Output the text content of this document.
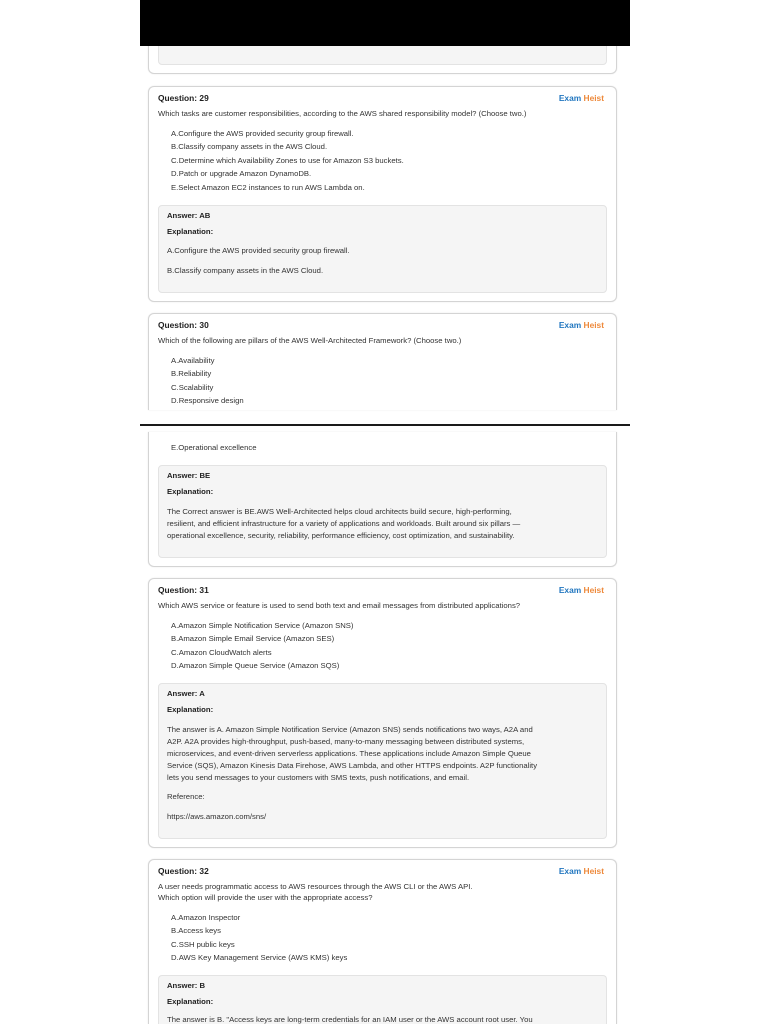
Question: 29	Exam Heist
Which tasks are customer responsibilities, according to the AWS shared responsibility model? (Choose two.)
A.Configure the AWS provided security group firewall.
B.Classify company assets in the AWS Cloud.
C.Determine which Availability Zones to use for Amazon S3 buckets.
D.Patch or upgrade Amazon DynamoDB.
E.Select Amazon EC2 instances to run AWS Lambda on.
Answer: AB
Explanation:
A.Configure the AWS provided security group firewall.
B.Classify company assets in the AWS Cloud.
Question: 30	Exam Heist
Which of the following are pillars of the AWS Well-Architected Framework? (Choose two.)
A.Availability
B.Reliability
C.Scalability
D.Responsive design
E.Operational excellence
Answer: BE
Explanation:
The Correct answer is BE.AWS Well-Architected helps cloud architects build secure, high-performing,
resilient, and efficient infrastructure for a variety of applications and workloads. Built around six pillars —
operational excellence, security, reliability, performance efficiency, cost optimization, and sustainability.
Question: 31	Exam Heist
Which AWS service or feature is used to send both text and email messages from distributed applications?
A.Amazon Simple Notification Service (Amazon SNS)
B.Amazon Simple Email Service (Amazon SES)
C.Amazon CloudWatch alerts
D.Amazon Simple Queue Service (Amazon SQS)
Answer: A
Explanation:
The answer is A. Amazon Simple Notification Service (Amazon SNS) sends notifications two ways, A2A and
A2P. A2A provides high-throughput, push-based, many-to-many messaging between distributed systems,
microservices, and event-driven serverless applications. These applications include Amazon Simple Queue
Service (SQS), Amazon Kinesis Data Firehose, AWS Lambda, and other HTTPS endpoints. A2P functionality
lets you send messages to your customers with SMS texts, push notifications, and email.
Reference:
https://aws.amazon.com/sns/
Question: 32	Exam Heist
A user needs programmatic access to AWS resources through the AWS CLI or the AWS API.
Which option will provide the user with the appropriate access?
A.Amazon Inspector
B.Access keys
C.SSH public keys
D.AWS Key Management Service (AWS KMS) keys
Answer: B
Explanation:
The answer is B. "Access keys are long-term credentials for an IAM user or the AWS account root user. You
